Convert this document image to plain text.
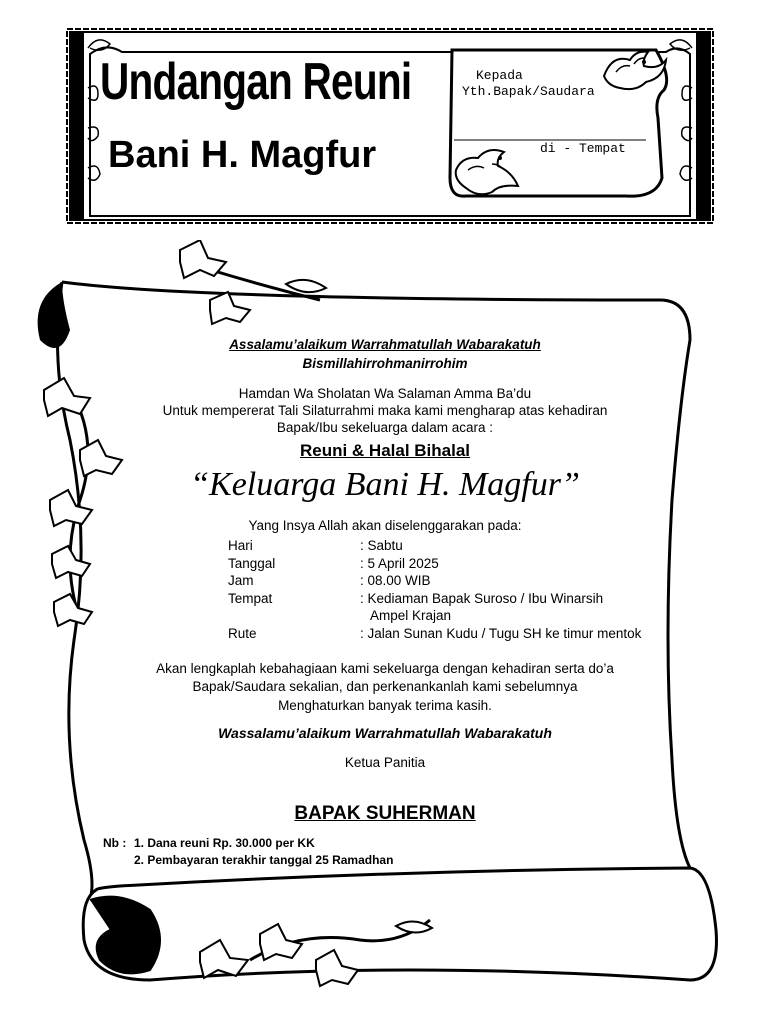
Undangan Reuni
Bani H. Magfur
Kepada
Yth.Bapak/Saudara
di - Tempat
Assalamu’alaikum Warrahmatullah Wabarakatuh
Bismillahirrohmanirrohim
Hamdan Wa Sholatan Wa Salaman Amma Ba’du
Untuk mempererat Tali Silaturrahmi maka kami mengharap atas kehadiran
Bapak/Ibu sekeluarga dalam acara :
Reuni & Halal Bihalal
“Keluarga Bani H. Magfur”
Yang Insya Allah akan diselenggarakan pada:
Hari	: Sabtu
Tanggal	: 5 April 2025
Jam	: 08.00 WIB
Tempat	: Kediaman Bapak Suroso / Ibu Winarsih
Ampel Krajan
Rute	: Jalan Sunan Kudu / Tugu SH ke timur mentok
Akan lengkaplah kebahagiaan kami sekeluarga dengan kehadiran serta do’a
Bapak/Saudara sekalian, dan perkenankanlah kami sebelumnya
Menghaturkan banyak terima kasih.
Wassalamu’alaikum Warrahmatullah Wabarakatuh
Ketua Panitia
BAPAK SUHERMAN
Nb : 1. Dana reuni Rp. 30.000 per KK
2. Pembayaran terakhir tanggal 25 Ramadhan
